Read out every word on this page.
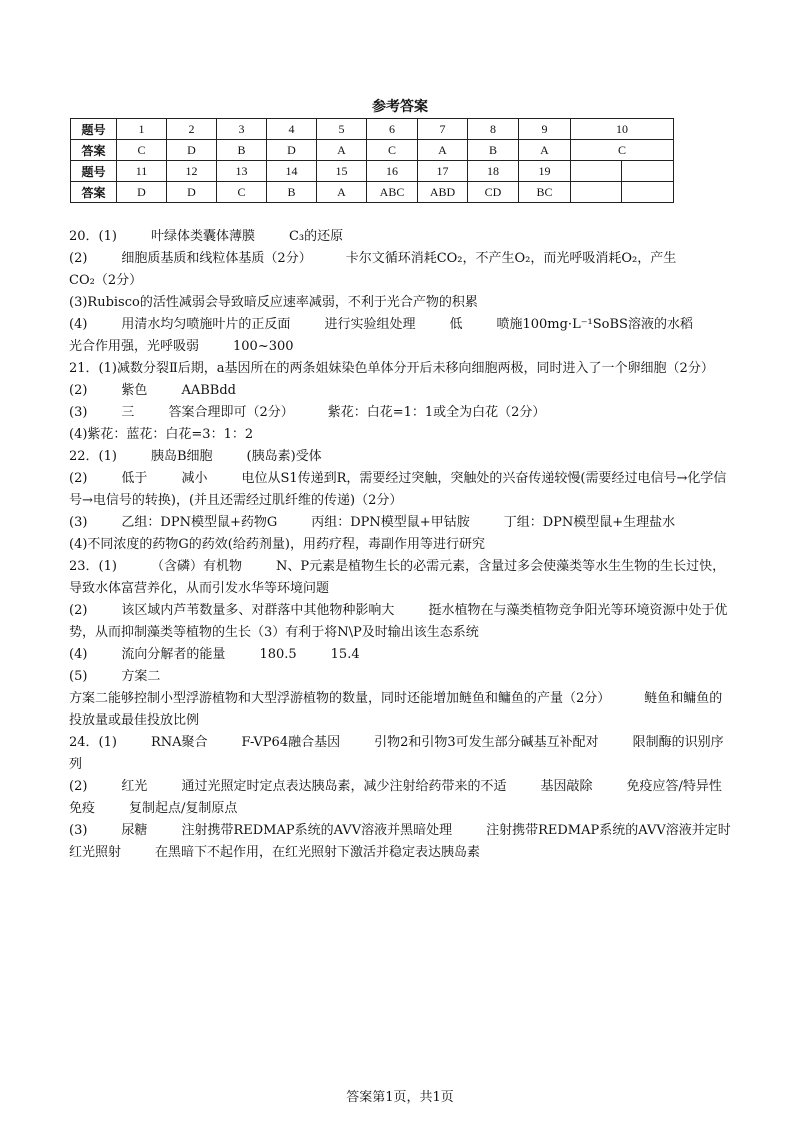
参考答案
题号	1	2	3	4	5	6	7	8	9	10	
答案	C	D	B	D	A	C	A	B	A	C	
题号	11	12	13	14	15	16	17	18	19		
答案	D	D	C	B	A	ABC	ABD	CD	BC		
20．(1)	叶绿体类囊体薄膜	C₃的还原
(2)	细胞质基质和线粒体基质（2分）	卡尔文循环消耗CO₂，不产生O₂，而光呼吸消耗O₂，产生
CO₂（2分）
(3)Rubisco的活性减弱会导致暗反应速率减弱，不利于光合产物的积累
(4)	用清水均匀喷施叶片的正反面	进行实验组处理	低	喷施100mg·L⁻¹SoBS溶液的水稻
光合作用强，光呼吸弱	100~300
21．(1)减数分裂Ⅱ后期，a基因所在的两条姐妹染色单体分开后未移向细胞两极，同时进入了一个卵细胞（2分）
(2)	紫色	AABBdd
(3)	三	答案合理即可（2分）	紫花：白花=1：1或全为白花（2分）
(4)紫花：蓝花：白花=3：1：2
22．(1)	胰岛B细胞	(胰岛素)受体
(2)	低于	减小	电位从S1传递到R，需要经过突触，突触处的兴奋传递较慢(需要经过电信号→化学信号→电信号的转换)，(并且还需经过肌纤维的传递)（2分）
(3)	乙组：DPN模型鼠+药物G	丙组：DPN模型鼠+甲钴胺	丁组：DPN模型鼠+生理盐水
(4)不同浓度的药物G的药效(给药剂量)，用药疗程，毒副作用等进行研究
23．(1)	（含磷）有机物	N、P元素是植物生长的必需元素，含量过多会使藻类等水生生物的生长过快，导致水体富营养化，从而引发水华等环境问题
(2)	该区域内芦苇数量多、对群落中其他物种影响大	挺水植物在与藻类植物竞争阳光等环境资源中处于优势，从而抑制藻类等植物的生长（3）有利于将N\P及时输出该生态系统
(4)	流向分解者的能量	180.5	15.4
(5)	方案二方案二能够控制小型浮游植物和大型浮游植物的数量，同时还能增加鲢鱼和鳙鱼的产量（2分）	鲢鱼和鳙鱼的投放量或最佳投放比例
24．(1)	RNA聚合	F-VP64融合基因	引物2和引物3可发生部分碱基互补配对	限制酶的识别序列
(2)	红光	通过光照定时定点表达胰岛素，减少注射给药带来的不适	基因敲除	免疫应答/特异性免疫	复制起点/复制原点
(3)	尿糖	注射携带REDMAP系统的AVV溶液并黑暗处理	注射携带REDMAP系统的AVV溶液并定时红光照射	在黑暗下不起作用，在红光照射下激活并稳定表达胰岛素
答案第1页，共1页
